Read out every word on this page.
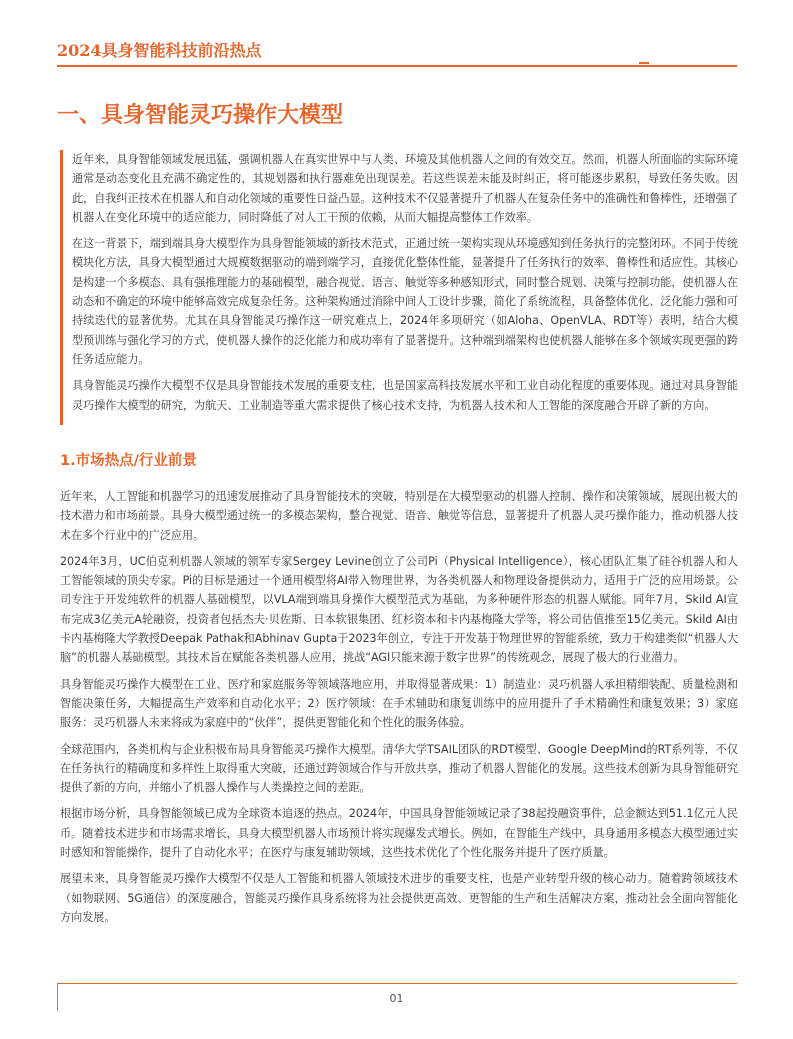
2024具身智能科技前沿热点
一、具身智能灵巧操作大模型

近年来，具身智能领域发展迅猛，强调机器人在真实世界中与人类、环境及其他机器人之间的有效交互。然而，机器人所面临的实际环境通常是动态变化且充满不确定性的，其规划器和执行器难免出现误差。若这些误差未能及时纠正，将可能逐步累积，导致任务失败。因此，自我纠正技术在机器人和自动化领域的重要性日益凸显。这种技术不仅显著提升了机器人在复杂任务中的准确性和鲁棒性，还增强了机器人在变化环境中的适应能力，同时降低了对人工干预的依赖，从而大幅提高整体工作效率。

在这一背景下，端到端具身大模型作为具身智能领域的新技术范式，正通过统一架构实现从环境感知到任务执行的完整闭环。不同于传统模块化方法，具身大模型通过大规模数据驱动的端到端学习，直接优化整体性能，显著提升了任务执行的效率、鲁棒性和适应性。其核心是构建一个多模态、具有强推理能力的基础模型，融合视觉、语言、触觉等多种感知形式，同时整合规划、决策与控制功能，使机器人在动态和不确定的环境中能够高效完成复杂任务。这种架构通过消除中间人工设计步骤，简化了系统流程，具备整体优化、泛化能力强和可持续迭代的显著优势。尤其在具身智能灵巧操作这一研究难点上，2024年多项研究（如Aloha、OpenVLA、RDT等）表明，结合大模型预训练与强化学习的方式，使机器人操作的泛化能力和成功率有了显著提升。这种端到端架构也使机器人能够在多个领域实现更强的跨任务适应能力。

具身智能灵巧操作大模型不仅是具身智能技术发展的重要支柱，也是国家高科技发展水平和工业自动化程度的重要体现。通过对具身智能灵巧操作大模型的研究，为航天、工业制造等重大需求提供了核心技术支持，为机器人技术和人工智能的深度融合开辟了新的方向。

1.市场热点/行业前景

近年来，人工智能和机器学习的迅速发展推动了具身智能技术的突破，特别是在大模型驱动的机器人控制、操作和决策领域，展现出极大的技术潜力和市场前景。具身大模型通过统一的多模态架构，整合视觉、语音、触觉等信息，显著提升了机器人灵巧操作能力，推动机器人技术在多个行业中的广泛应用。

2024年3月，UC伯克利机器人领域的领军专家Sergey Levine创立了公司Pi（Physical Intelligence），核心团队汇集了硅谷机器人和人工智能领域的顶尖专家。Pi的目标是通过一个通用模型将AI带入物理世界，为各类机器人和物理设备提供动力，适用于广泛的应用场景。公司专注于开发纯软件的机器人基础模型，以VLA端到端具身操作大模型范式为基础，为多种硬件形态的机器人赋能。同年7月，Skild AI宣布完成3亿美元A轮融资，投资者包括杰夫·贝佐斯、日本软银集团、红杉资本和卡内基梅隆大学等，将公司估值推至15亿美元。Skild AI由卡内基梅隆大学教授Deepak Pathak和Abhinav Gupta于2023年创立，专注于开发基于物理世界的智能系统，致力于构建类似“机器人大脑”的机器人基础模型。其技术旨在赋能各类机器人应用，挑战“AGI只能来源于数字世界”的传统观念，展现了极大的行业潜力。

具身智能灵巧操作大模型在工业、医疗和家庭服务等领域落地应用，并取得显著成果：1）制造业：灵巧机器人承担精细装配、质量检测和智能决策任务，大幅提高生产效率和自动化水平；2）医疗领域：在手术辅助和康复训练中的应用提升了手术精确性和康复效果；3）家庭服务：灵巧机器人未来将成为家庭中的“伙伴”，提供更智能化和个性化的服务体验。

全球范围内，各类机构与企业积极布局具身智能灵巧操作大模型。清华大学TSAIL团队的RDT模型、Google DeepMind的RT系列等，不仅在任务执行的精确度和多样性上取得重大突破，还通过跨领域合作与开放共享，推动了机器人智能化的发展。这些技术创新为具身智能研究提供了新的方向，并缩小了机器人操作与人类操控之间的差距。

根据市场分析，具身智能领域已成为全球资本追逐的热点。2024年，中国具身智能领域记录了38起投融资事件，总金额达到51.1亿元人民币。随着技术进步和市场需求增长，具身大模型机器人市场预计将实现爆发式增长。例如，在智能生产线中，具身通用多模态大模型通过实时感知和智能操作，提升了自动化水平；在医疗与康复辅助领域，这些技术优化了个性化服务并提升了医疗质量。

展望未来，具身智能灵巧操作大模型不仅是人工智能和机器人领域技术进步的重要支柱，也是产业转型升级的核心动力。随着跨领域技术（如物联网、5G通信）的深度融合，智能灵巧操作具身系统将为社会提供更高效、更智能的生产和生活解决方案，推动社会全面向智能化方向发展。

01
